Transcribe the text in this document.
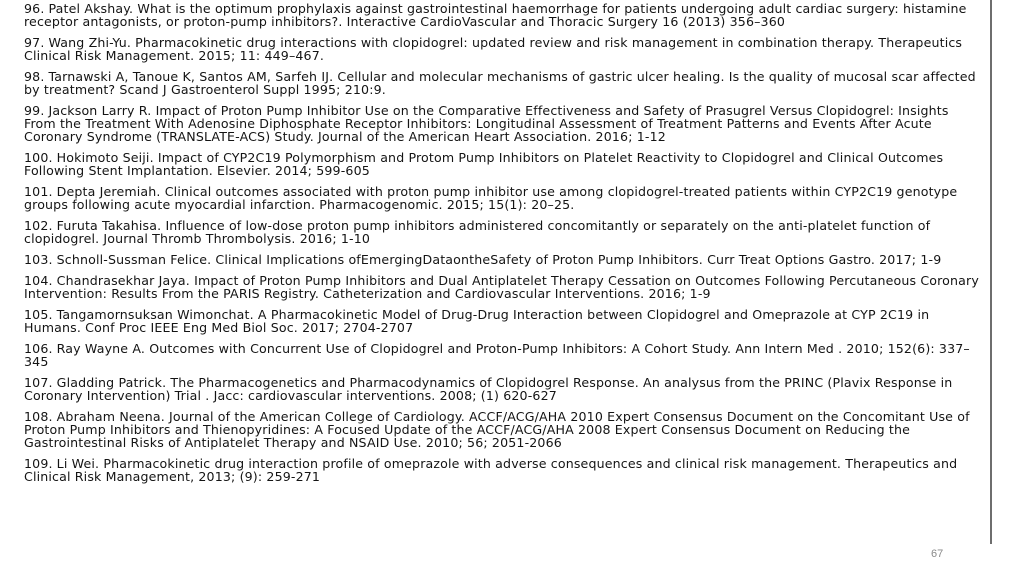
96. Patel Akshay. What is the optimum prophylaxis against gastrointestinal haemorrhage for patients undergoing adult cardiac surgery: histamine receptor antagonists, or proton-pump inhibitors?. Interactive CardioVascular and Thoracic Surgery 16 (2013) 356–360
97. Wang Zhi-Yu. Pharmacokinetic drug interactions with clopidogrel: updated review and risk management in combination therapy. Therapeutics Clinical Risk Management. 2015; 11: 449–467.
98. Tarnawski A, Tanoue K, Santos AM, Sarfeh IJ. Cellular and molecular mechanisms of gastric ulcer healing. Is the quality of mucosal scar affected by treatment? Scand J Gastroenterol Suppl 1995; 210:9.
99. Jackson Larry R. Impact of Proton Pump Inhibitor Use on the Comparative Effectiveness and Safety of Prasugrel Versus Clopidogrel: Insights From the Treatment With Adenosine Diphosphate Receptor Inhibitors: Longitudinal Assessment of Treatment Patterns and Events After Acute Coronary Syndrome (TRANSLATE-ACS) Study. Journal of the American Heart Association. 2016; 1-12
100. Hokimoto Seiji. Impact of CYP2C19 Polymorphism and Protom Pump Inhibitors on Platelet Reactivity to Clopidogrel and Clinical Outcomes Following Stent Implantation. Elsevier. 2014; 599-605
101. Depta Jeremiah. Clinical outcomes associated with proton pump inhibitor use among clopidogrel-treated patients within CYP2C19 genotype groups following acute myocardial infarction. Pharmacogenomic. 2015; 15(1): 20–25.
102. Furuta Takahisa. Influence of low-dose proton pump inhibitors administered concomitantly or separately on the anti-platelet function of clopidogrel. Journal Thromb Thrombolysis. 2016; 1-10
103. Schnoll-Sussman Felice. Clinical Implications ofEmergingDataontheSafety of Proton Pump Inhibitors. Curr Treat Options Gastro. 2017; 1-9
104. Chandrasekhar Jaya. Impact of Proton Pump Inhibitors and Dual Antiplatelet Therapy Cessation on Outcomes Following Percutaneous Coronary Intervention: Results From the PARIS Registry. Catheterization and Cardiovascular Interventions. 2016; 1-9
105. Tangamornsuksan Wimonchat. A Pharmacokinetic Model of Drug-Drug Interaction between Clopidogrel and Omeprazole at CYP 2C19 in Humans. Conf Proc IEEE Eng Med Biol Soc. 2017; 2704-2707
106. Ray Wayne A. Outcomes with Concurrent Use of Clopidogrel and Proton-Pump Inhibitors: A Cohort Study. Ann Intern Med . 2010; 152(6): 337–345
107. Gladding Patrick. The Pharmacogenetics and Pharmacodynamics of Clopidogrel Response. An analysus from the PRINC (Plavix Response in Coronary Intervention) Trial . Jacc: cardiovascular interventions. 2008; (1) 620-627
108. Abraham Neena. Journal of the American College of Cardiology. ACCF/ACG/AHA 2010 Expert Consensus Document on the Concomitant Use of Proton Pump Inhibitors and Thienopyridines: A Focused Update of the ACCF/ACG/AHA 2008 Expert Consensus Document on Reducing the Gastrointestinal Risks of Antiplatelet Therapy and NSAID Use. 2010; 56; 2051-2066
109. Li Wei. Pharmacokinetic drug interaction profile of omeprazole with adverse consequences and clinical risk management. Therapeutics and Clinical Risk Management, 2013; (9): 259-271
67
